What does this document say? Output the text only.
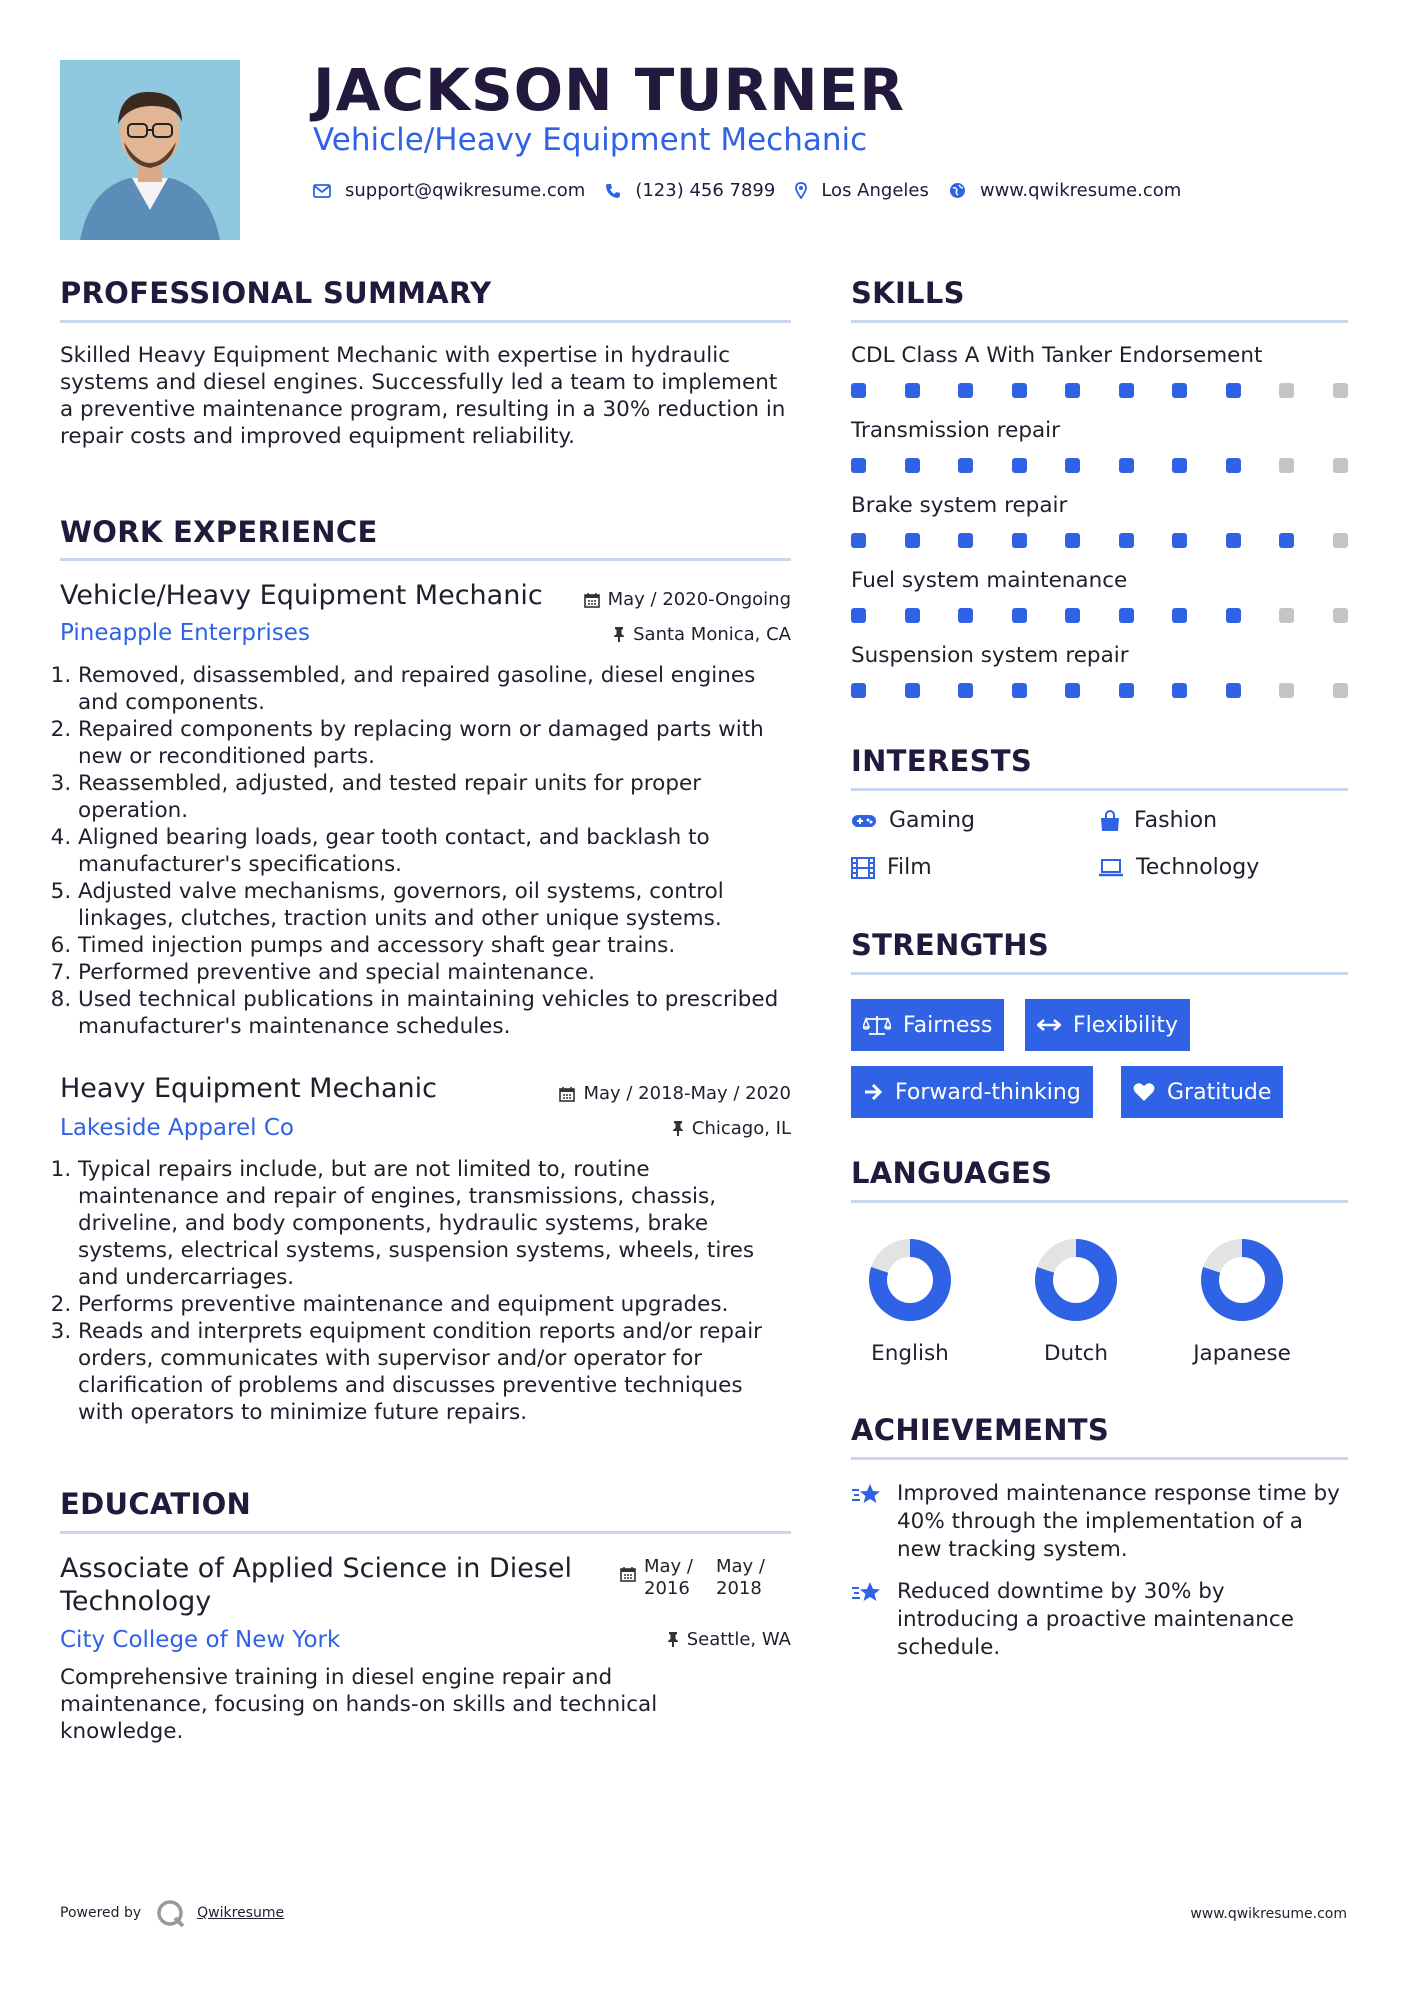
JACKSON TURNER
Vehicle/Heavy Equipment Mechanic
support@qwikresume.com	(123) 456 7899	Los Angeles	www.qwikresume.com
PROFESSIONAL SUMMARY
Skilled Heavy Equipment Mechanic with expertise in hydraulic systems and diesel engines. Successfully led a team to implement a preventive maintenance program, resulting in a 30% reduction in repair costs and improved equipment reliability.
WORK EXPERIENCE
Vehicle/Heavy Equipment Mechanic	May / 2020-Ongoing
Pineapple Enterprises	Santa Monica, CA
1. Removed, disassembled, and repaired gasoline, diesel engines and components.
2. Repaired components by replacing worn or damaged parts with new or reconditioned parts.
3. Reassembled, adjusted, and tested repair units for proper operation.
4. Aligned bearing loads, gear tooth contact, and backlash to manufacturer's specifications.
5. Adjusted valve mechanisms, governors, oil systems, control linkages, clutches, traction units and other unique systems.
6. Timed injection pumps and accessory shaft gear trains.
7. Performed preventive and special maintenance.
8. Used technical publications in maintaining vehicles to prescribed manufacturer's maintenance schedules.
Heavy Equipment Mechanic	May / 2018-May / 2020
Lakeside Apparel Co	Chicago, IL
1. Typical repairs include, but are not limited to, routine maintenance and repair of engines, transmissions, chassis, driveline, and body components, hydraulic systems, brake systems, electrical systems, suspension systems, wheels, tires and undercarriages.
2. Performs preventive maintenance and equipment upgrades.
3. Reads and interprets equipment condition reports and/or repair orders, communicates with supervisor and/or operator for clarification of problems and discusses preventive techniques with operators to minimize future repairs.
EDUCATION
Associate of Applied Science in Diesel Technology
May / 2016
May / 2018
City College of New York	Seattle, WA
Comprehensive training in diesel engine repair and maintenance, focusing on hands-on skills and technical knowledge.
SKILLS
CDL Class A With Tanker Endorsement
Transmission repair
Brake system repair
Fuel system maintenance
Suspension system repair
INTERESTS
Gaming	Fashion
Film	Technology
STRENGTHS
Fairness	Flexibility
Forward-thinking	Gratitude
LANGUAGES
English	Dutch	Japanese
ACHIEVEMENTS
Improved maintenance response time by 40% through the implementation of a new tracking system.
Reduced downtime by 30% by introducing a proactive maintenance schedule.
Powered by	Qwikresume	www.qwikresume.com
